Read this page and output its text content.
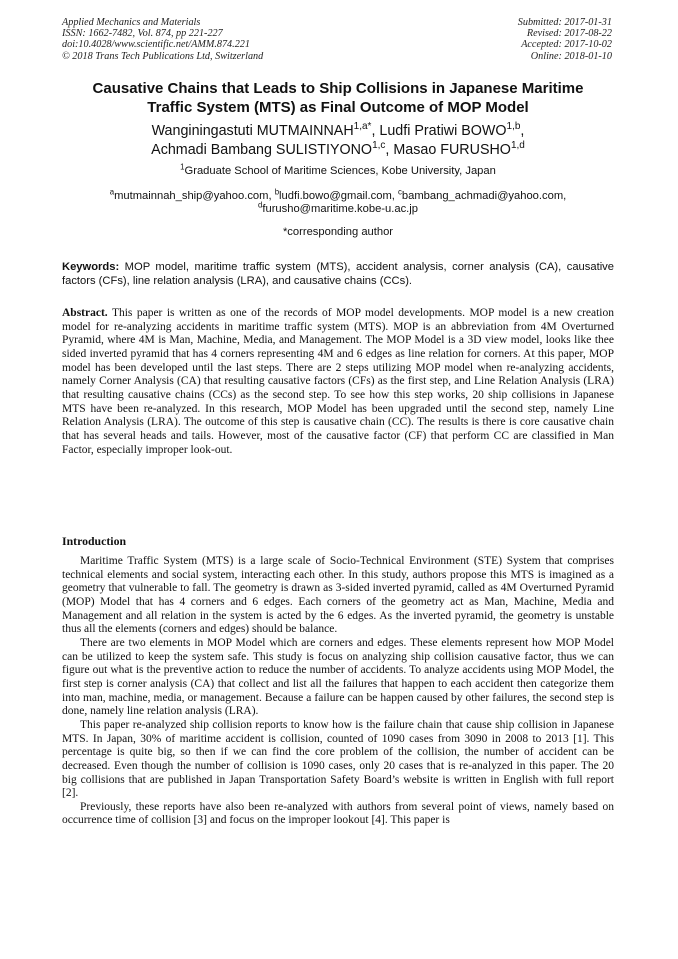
Applied Mechanics and Materials
ISSN: 1662-7482, Vol. 874, pp 221-227
doi:10.4028/www.scientific.net/AMM.874.221
© 2018 Trans Tech Publications Ltd, Switzerland
Submitted: 2017-01-31
Revised: 2017-08-22
Accepted: 2017-10-02
Online: 2018-01-10
Causative Chains that Leads to Ship Collisions in Japanese Maritime
Traffic System (MTS) as Final Outcome of MOP Model
Wanginingastuti $MUTMAINNAH^{1,a*}$, Ludfi Pratiwi BOWO$^{1,b}$,
Achmadi Bambang SULISTIYONO$^{1,c}$, Masao FURUSHO$^{1,d}$
$^1$Graduate School of Maritime Sciences, Kobe University, Japan
$^a$mutmainnah_ship@yahoo.com, $^b$ludfi.bowo@gmail.com, $^c$bambang_achmadi@yahoo.com,
$^d$furusho@maritime.kobe-u.ac.jp
*corresponding author
Keywords: MOP model, maritime traffic system (MTS), accident analysis, corner analysis (CA), causative factors (CFs), line relation analysis (LRA), and causative chains (CCs).
Abstract. This paper is written as one of the records of MOP model developments. MOP model is a new creation model for re-analyzing accidents in maritime traffic system (MTS). MOP is an abbreviation from 4M Overturned Pyramid, where 4M is Man, Machine, Media, and Management. The MOP Model is a 3D view model, looks like thee sided inverted pyramid that has 4 corners representing 4M and 6 edges as line relation for corners. At this paper, MOP model has been developed until the last steps. There are 2 steps utilizing MOP model when re-analyzing accidents, namely Corner Analysis (CA) that resulting causative factors (CFs) as the first step, and Line Relation Analysis (LRA) that resulting causative chains (CCs) as the second step. To see how this step works, 20 ship collisions in Japanese MTS have been re-analyzed. In this research, MOP Model has been upgraded until the second step, namely Line Relation Analysis (LRA). The outcome of this step is causative chain (CC). The results is there is core causative chain that has several heads and tails. However, most of the causative factor (CF) that perform CC are classified in Man Factor, especially improper look-out.
Introduction

Maritime Traffic System (MTS) is a large scale of Socio-Technical Environment (STE) System that comprises technical elements and social system, interacting each other. In this study, authors propose this MTS is imagined as a geometry that vulnerable to fall. The geometry is drawn as 3-sided inverted pyramid, called as 4M Overturned Pyramid (MOP) Model that has 4 corners and 6 edges. Each corners of the geometry act as Man, Machine, Media and Management and all relation in the system is acted by the 6 edges. As the inverted pyramid, the geometry is unstable thus all the elements (corners and edges) should be balance.

There are two elements in MOP Model which are corners and edges. These elements represent how MOP Model can be utilized to keep the system safe. This study is focus on analyzing ship collision causative factor, thus we can figure out what is the preventive action to reduce the number of accidents. To analyze accidents using MOP Model, the first step is corner analysis (CA) that collect and list all the failures that happen to each accident then categorize them into man, machine, media, or management. Because a failure can be happen caused by other failures, the second step is done, namely line relation analysis (LRA).

This paper re-analyzed ship collision reports to know how is the failure chain that cause ship collision in Japanese MTS. In Japan, 30% of maritime accident is collision, counted of 1090 cases from 3090 in 2008 to 2013 [1]. This percentage is quite big, so then if we can find the core problem of the collision, the number of accident can be decreased. Even though the number of collision is 1090 cases, only 20 cases that is re-analyzed in this paper. The 20 big collisions that are published in Japan Transportation Safety Board’s website is written in English with full report [2].

Previously, these reports have also been re-analyzed with authors from several point of views, namely based on occurrence time of collision [3] and focus on the improper lookout [4]. This paper is
